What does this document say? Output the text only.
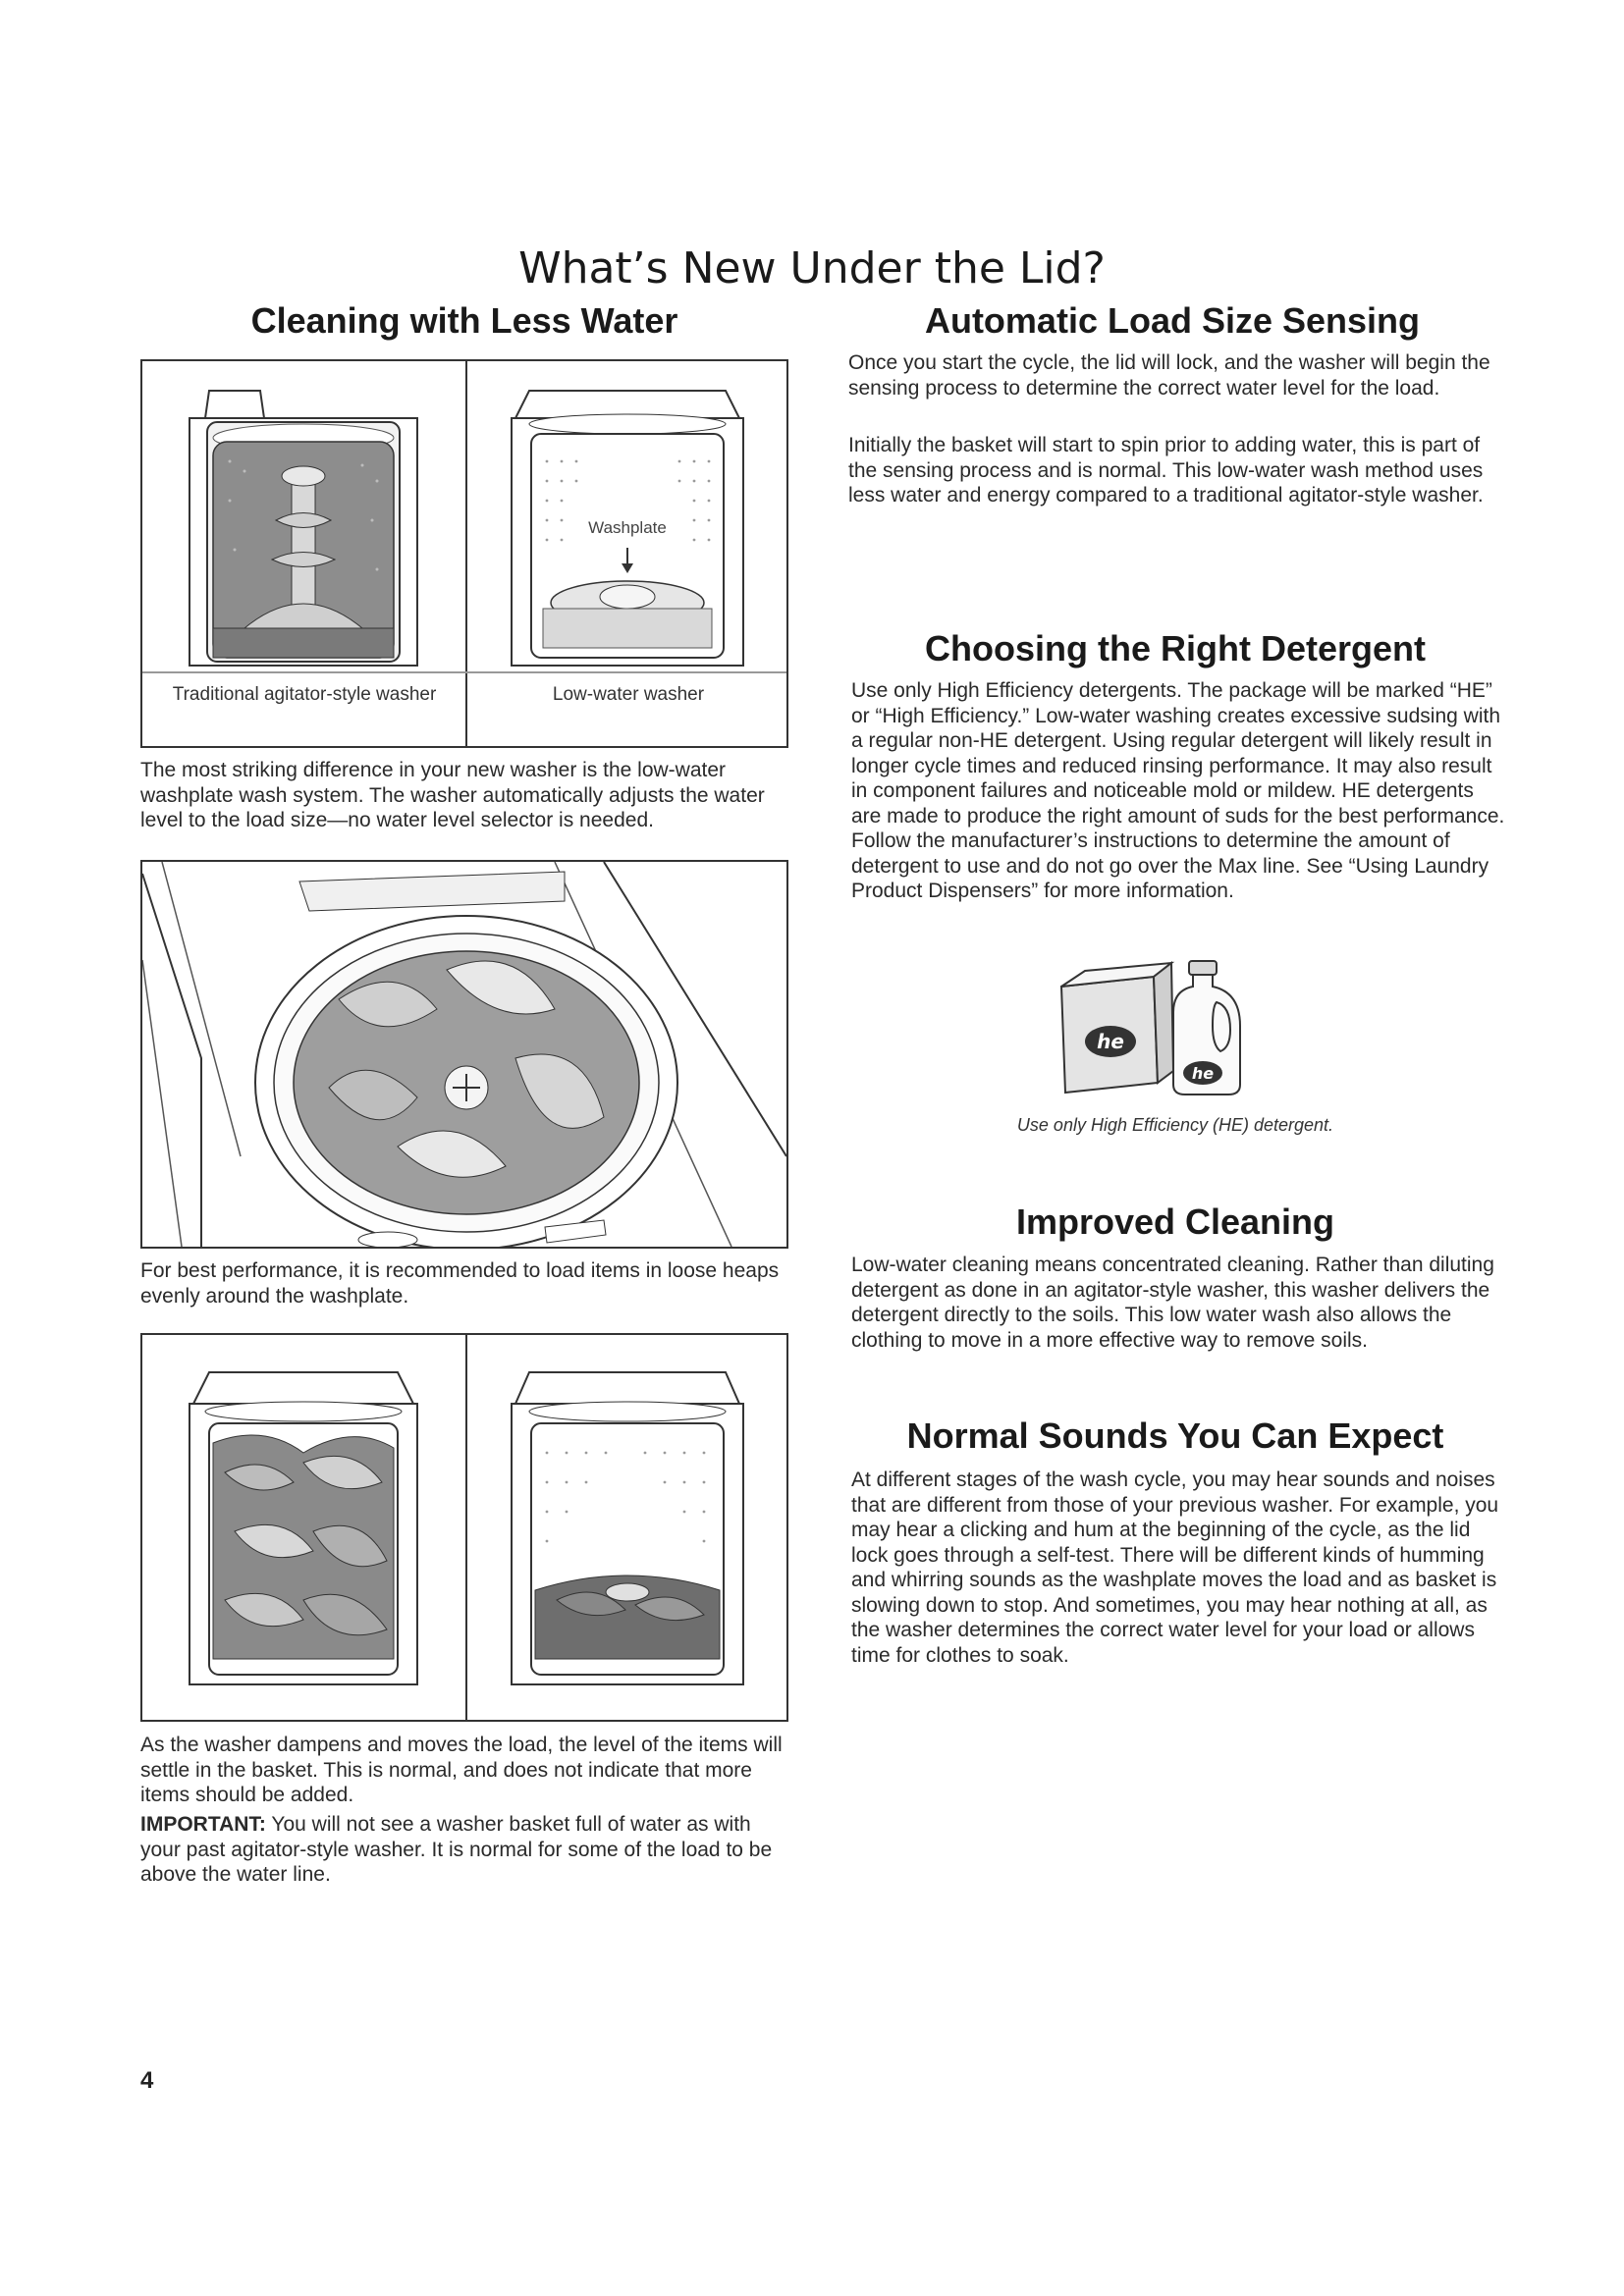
What’s New Under the Lid?
Cleaning with Less Water
Washplate
Traditional agitator-style washer	Low-water washer

The most striking difference in your new washer is the low-water washplate wash system. The washer automatically adjusts the water level to the load size—no water level selector is needed.

For best performance, it is recommended to load items in loose heaps evenly around the washplate.

As the washer dampens and moves the load, the level of the items will settle in the basket. This is normal, and does not indicate that more items should be added.

IMPORTANT: You will not see a washer basket full of water as with your past agitator-style washer. It is normal for some of the load to be above the water line.

Automatic Load Size Sensing

Once you start the cycle, the lid will lock, and the washer will begin the sensing process to determine the correct water level for the load.

Initially the basket will start to spin prior to adding water, this is part of the sensing process and is normal. This low-water wash method uses less water and energy compared to a traditional agitator-style washer.

Choosing the Right Detergent

Use only High Efficiency detergents. The package will be marked “HE” or “High Efficiency.” Low-water washing creates excessive sudsing with a regular non-HE detergent. Using regular detergent will likely result in longer cycle times and reduced rinsing performance. It may also result in component failures and noticeable mold or mildew. HE detergents are made to produce the right amount of suds for the best performance. Follow the manufacturer’s instructions to determine the amount of detergent to use and do not go over the Max line. See “Using Laundry Product Dispensers” for more information.

he
he
Use only High Efficiency (HE) detergent.
Improved Cleaning

Low-water cleaning means concentrated cleaning. Rather than diluting detergent as done in an agitator-style washer, this washer delivers the detergent directly to the soils. This low water wash also allows the clothing to move in a more effective way to remove soils.

Normal Sounds You Can Expect

At different stages of the wash cycle, you may hear sounds and noises that are different from those of your previous washer. For example, you may hear a clicking and hum at the beginning of the cycle, as the lid lock goes through a self-test. There will be different kinds of humming and whirring sounds as the washplate moves the load and as basket is slowing down to stop. And sometimes, you may hear nothing at all, as the washer determines the correct water level for your load or allows time for clothes to soak.

4
